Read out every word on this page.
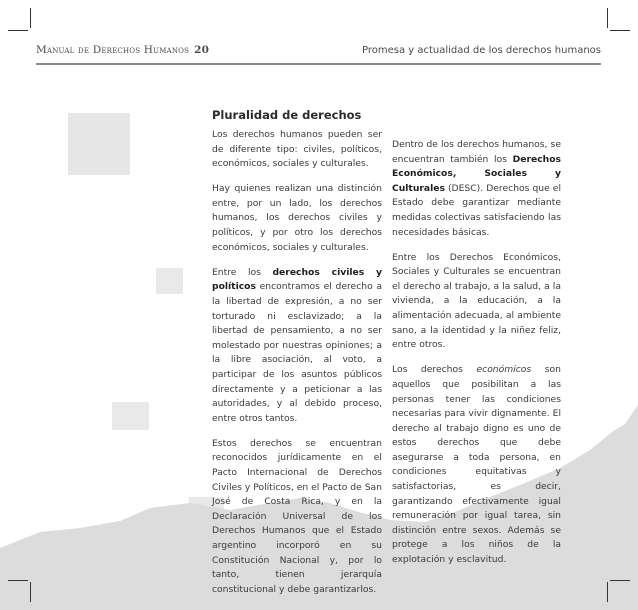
Manual de Derechos Humanos 20	Promesa y actualidad de los derechos humanos
Pluralidad de derechos

Los derechos humanos pueden ser de diferente tipo: civiles, políticos, económicos, sociales y culturales.

Hay quienes realizan una distinción entre, por un lado, los derechos humanos, los derechos civiles y políticos, y por otro los derechos económicos, sociales y culturales.

Entre los derechos civiles y políticos encontramos el derecho a la libertad de expresión, a no ser torturado ni esclavizado; a la libertad de pensamiento, a no ser molestado por nuestras opiniones; a la libre asociación, al voto, a participar de los asuntos públicos directamente y a peticionar a las autoridades, y al debido proceso, entre otros tantos.

Estos derechos se encuentran reconocidos jurídicamente en el Pacto Internacional de Derechos Civiles y Políticos, en el Pacto de San José de Costa Rica, y en la Declaración Universal de los Derechos Humanos que el Estado argentino incorporó en su Constitución Nacional y, por lo tanto, tienen jerarquía constitucional y debe garantizarlos.

Dentro de los derechos humanos, se encuentran también los Derechos Económicos, Sociales y Culturales (DESC). Derechos que el Estado debe garantizar mediante medidas colectivas satisfaciendo las necesidades básicas.

Entre los Derechos Económicos, Sociales y Culturales se encuentran el derecho al trabajo, a la salud, a la vivienda, a la educación, a la alimentación adecuada, al ambiente sano, a la identidad y la niñez feliz, entre otros.

Los derechos económicos son aquellos que posibilitan a las personas tener las condiciones necesarias para vivir dignamente. El derecho al trabajo digno es uno de estos derechos que debe asegurarse a toda persona, en condiciones equitativas y satisfactorias, es decir, garantizando efectivamente igual remuneración por igual tarea, sin distinción entre sexos. Además se protege a los niños de la explotación y esclavitud.
